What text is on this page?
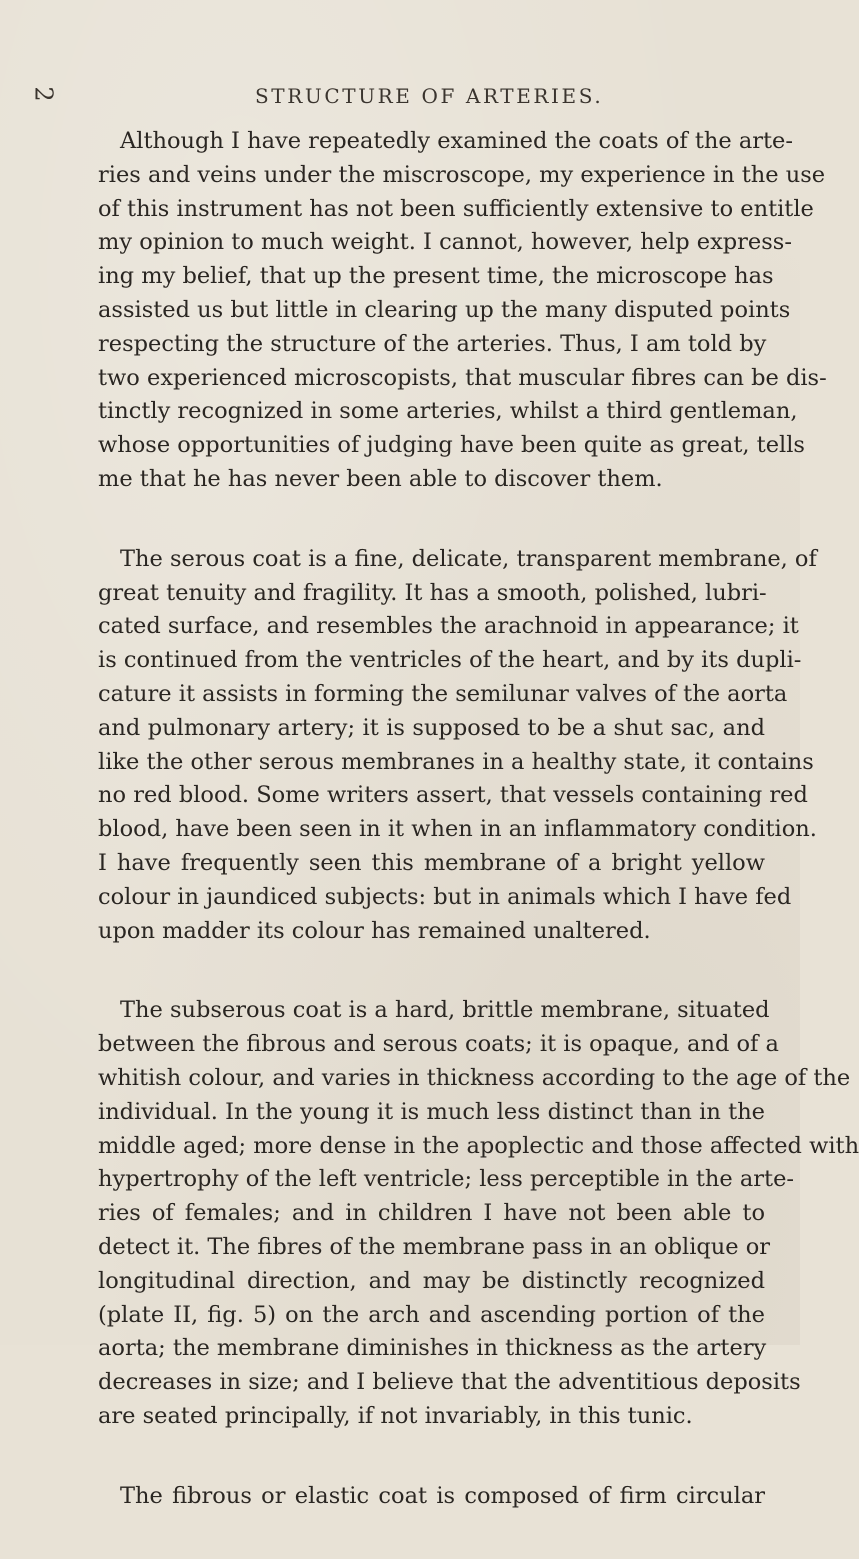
2	STRUCTURE OF ARTERIES.
Although I have repeatedly examined the coats of the arte-
ries and veins under the miscroscope, my experience in the use
of this instrument has not been sufficiently extensive to entitle
my opinion to much weight. I cannot, however, help express-
ing my belief, that up the present time, the microscope has
assisted us but little in clearing up the many disputed points
respecting the structure of the arteries. Thus, I am told by
two experienced microscopists, that muscular fibres can be dis-
tinctly recognized in some arteries, whilst a third gentleman,
whose opportunities of judging have been quite as great, tells
me that he has never been able to discover them.
The serous coat is a fine, delicate, transparent membrane, of
great tenuity and fragility. It has a smooth, polished, lubri-
cated surface, and resembles the arachnoid in appearance; it
is continued from the ventricles of the heart, and by its dupli-
cature it assists in forming the semilunar valves of the aorta
and pulmonary artery; it is supposed to be a shut sac, and
like the other serous membranes in a healthy state, it contains
no red blood. Some writers assert, that vessels containing red
blood, have been seen in it when in an inflammatory condition.
I have frequently seen this membrane of a bright yellow
colour in jaundiced subjects: but in animals which I have fed
upon madder its colour has remained unaltered.
The subserous coat is a hard, brittle membrane, situated
between the fibrous and serous coats; it is opaque, and of a
whitish colour, and varies in thickness according to the age of the
individual. In the young it is much less distinct than in the
middle aged; more dense in the apoplectic and those affected with
hypertrophy of the left ventricle; less perceptible in the arte-
ries of females; and in children I have not been able to
detect it. The fibres of the membrane pass in an oblique or
longitudinal direction, and may be distinctly recognized
(plate II, fig. 5) on the arch and ascending portion of the
aorta; the membrane diminishes in thickness as the artery
decreases in size; and I believe that the adventitious deposits
are seated principally, if not invariably, in this tunic.
The fibrous or elastic coat is composed of firm circular
